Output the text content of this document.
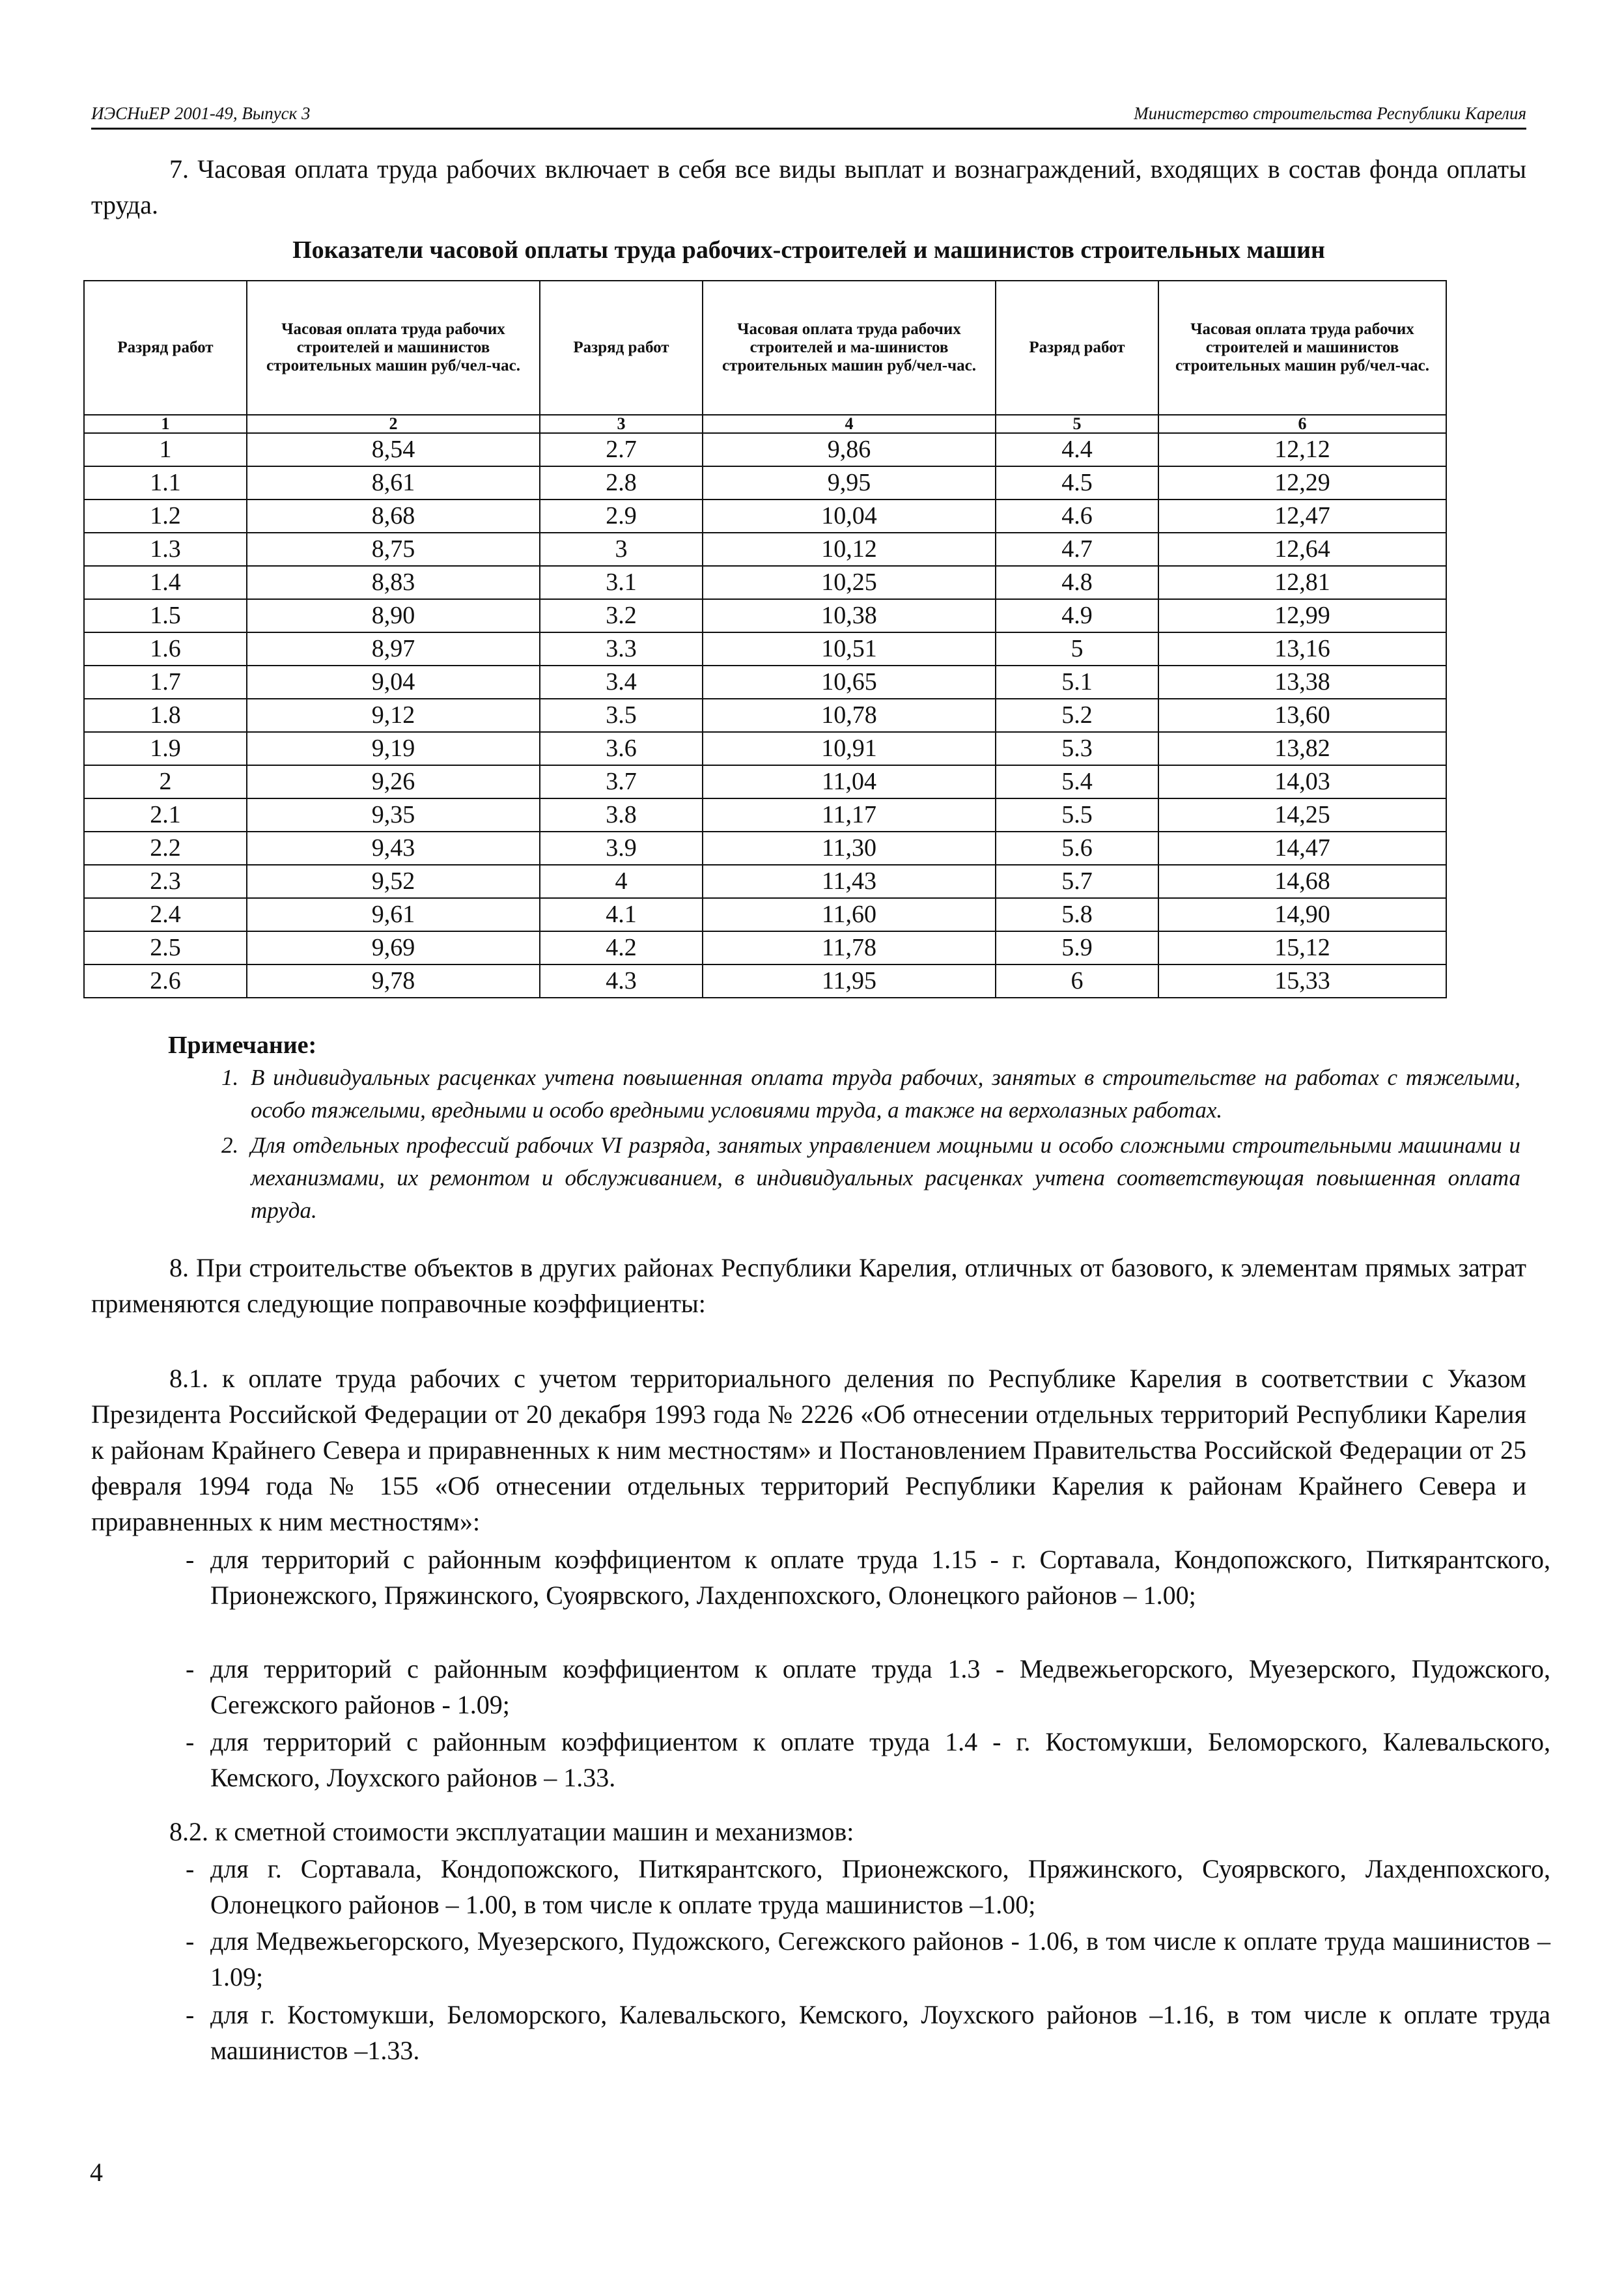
ИЭСНиЕР 2001-49, Выпуск 3	Министерство строительства Республики Карелия

7. Часовая оплата труда рабочих включает в себя все виды выплат и вознаграждений, входящих в состав фонда оплаты труда.

Показатели часовой оплаты труда рабочих-строителей и машинистов строительных машин

Разряд работ	Часовая оплата труда рабочих строителей и машинистов строительных машин руб/чел-час.	Разряд работ	Часовая оплата труда рабочих строителей и ма-шинистов строительных машин руб/чел-час.	Разряд работ	Часовая оплата труда рабочих строителей и машинистов строительных машин руб/чел-час.
1	2	3	4	5	6
1	8,54	2.7	9,86	4.4	12,12
1.1	8,61	2.8	9,95	4.5	12,29
1.2	8,68	2.9	10,04	4.6	12,47
1.3	8,75	3	10,12	4.7	12,64
1.4	8,83	3.1	10,25	4.8	12,81
1.5	8,90	3.2	10,38	4.9	12,99
1.6	8,97	3.3	10,51	5	13,16
1.7	9,04	3.4	10,65	5.1	13,38
1.8	9,12	3.5	10,78	5.2	13,60
1.9	9,19	3.6	10,91	5.3	13,82
2	9,26	3.7	11,04	5.4	14,03
2.1	9,35	3.8	11,17	5.5	14,25
2.2	9,43	3.9	11,30	5.6	14,47
2.3	9,52	4	11,43	5.7	14,68
2.4	9,61	4.1	11,60	5.8	14,90
2.5	9,69	4.2	11,78	5.9	15,12
2.6	9,78	4.3	11,95	6	15,33

Примечание:

1. В индивидуальных расценках учтена повышенная оплата труда рабочих, занятых в строительстве на работах с тяжелыми, особо тяжелыми, вредными и особо вредными условиями труда, а также на верхолазных работах.
2. Для отдельных профессий рабочих VI разряда, занятых управлением мощными и особо сложными строительными машинами и механизмами, их ремонтом и обслуживанием, в индивидуальных расценках учтена соответствующая повышенная оплата труда.

8. При строительстве объектов в других районах Республики Карелия, отличных от базового, к элементам прямых затрат применяются следующие поправочные коэффициенты:

8.1. к оплате труда рабочих с учетом территориального деления по Республике Карелия в соответствии с Указом Президента Российской Федерации от 20 декабря 1993 года № 2226 «Об отнесении отдельных территорий Республики Карелия к районам Крайнего Севера и приравненных к ним местностям» и Постановлением Правительства Российской Федерации от 25 февраля 1994 года № 155 «Об отнесении отдельных территорий Республики Карелия к районам Крайнего Севера и приравненных к ним местностям»:

- для территорий с районным коэффициентом к оплате труда 1.15 - г. Сортавала, Кондопожского, Питкярантского, Прионежского, Пряжинского, Суоярвского, Лахденпохского, Олонецкого районов – 1.00;
- для территорий с районным коэффициентом к оплате труда 1.3 - Медвежьегорского, Муезерского, Пудожского, Сегежского районов - 1.09;
- для территорий с районным коэффициентом к оплате труда 1.4 - г. Костомукши, Беломорского, Калевальского, Кемского, Лоухского районов – 1.33.

8.2. к сметной стоимости эксплуатации машин и механизмов:

- для г. Сортавала, Кондопожского, Питкярантского, Прионежского, Пряжинского, Суоярвского, Лахденпохского, Олонецкого районов – 1.00, в том числе к оплате труда машинистов –1.00;
- для Медвежьегорского, Муезерского, Пудожского, Сегежского районов - 1.06, в том числе к оплате труда машинистов –1.09;
- для г. Костомукши, Беломорского, Калевальского, Кемского, Лоухского районов –1.16, в том числе к оплате труда машинистов –1.33.
4
